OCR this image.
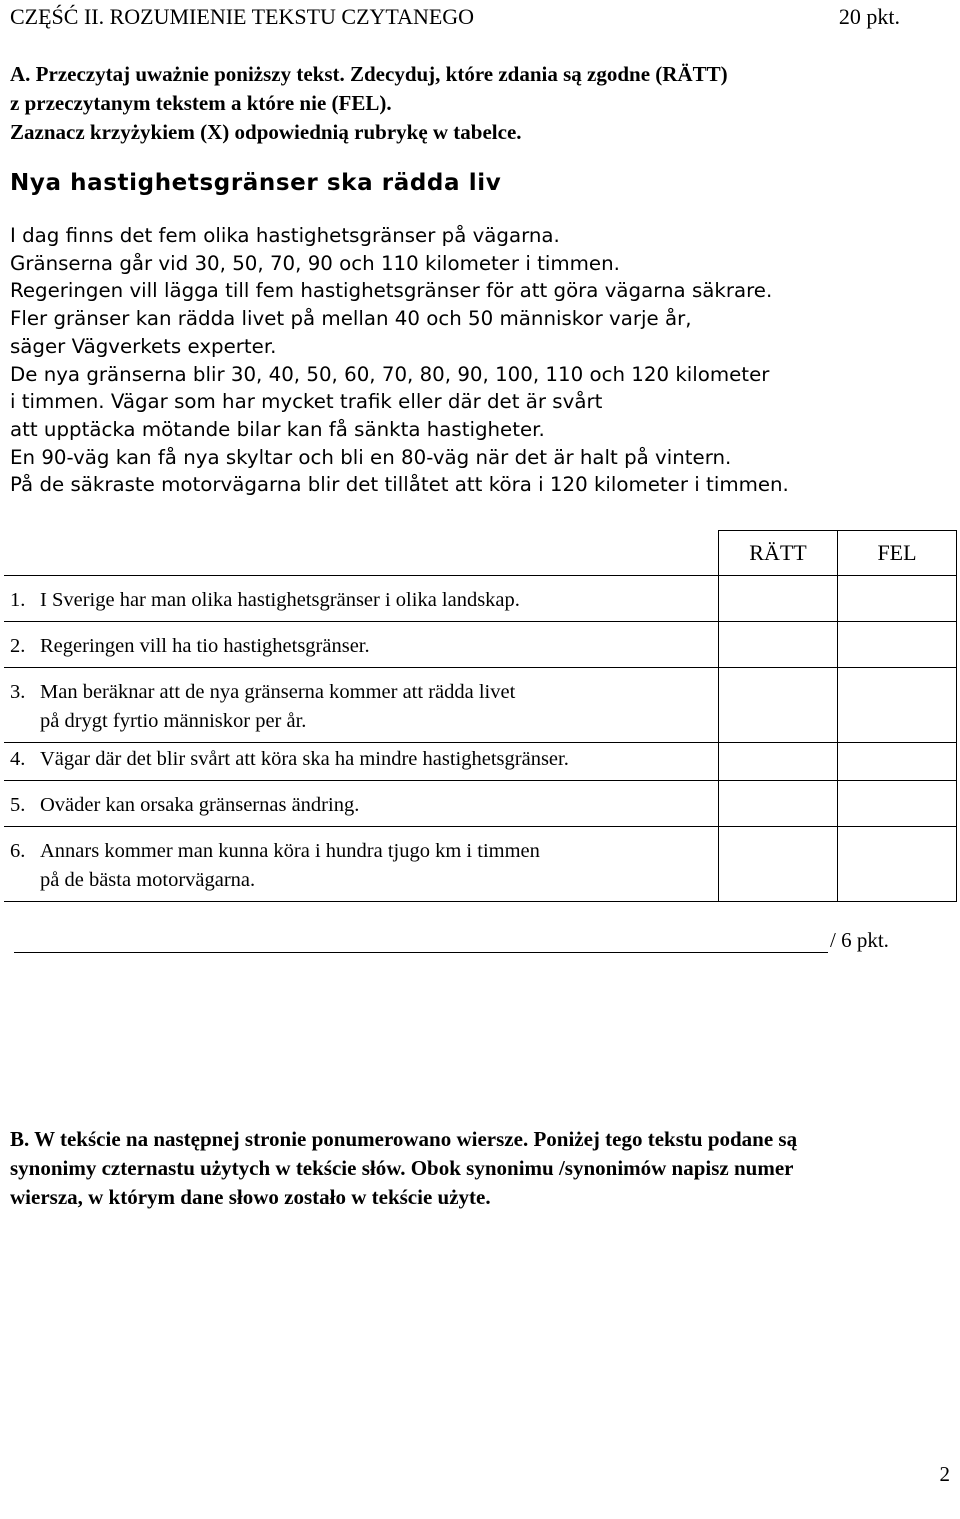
CZĘŚĆ II. ROZUMIENIE TEKSTU CZYTANEGO	20 pkt.
A. Przeczytaj uważnie poniższy tekst. Zdecyduj, które zdania są zgodne (RÄTT)
z przeczytanym tekstem a które nie (FEL).
Zaznacz krzyżykiem (X) odpowiednią rubrykę w tabelce.
Nya hastighetsgränser ska rädda liv
I dag finns det fem olika hastighetsgränser på vägarna.
Gränserna går vid 30, 50, 70, 90 och 110 kilometer i timmen.
Regeringen vill lägga till fem hastighetsgränser för att göra vägarna säkrare.
Fler gränser kan rädda livet på mellan 40 och 50 människor varje år,
säger Vägverkets experter.
De nya gränserna blir 30, 40, 50, 60, 70, 80, 90, 100, 110 och 120 kilometer
i timmen. Vägar som har mycket trafik eller där det är svårt
att upptäcka mötande bilar kan få sänkta hastigheter.
En 90-väg kan få nya skyltar och bli en 80-väg när det är halt på vintern.
På de säkraste motorvägarna blir det tillåtet att köra i 120 kilometer i timmen.
	RÄTT	FEL
1. I Sverige har man olika hastighetsgränser i olika landskap.		
2. Regeringen vill ha tio hastighetsgränser.		
3. Man beräknar att de nya gränserna kommer att rädda livet
på drygt fyrtio människor per år.		

4. Vägar där det blir svårt att köra ska ha mindre hastighetsgränser.		
5. Oväder kan orsaka gränsernas ändring.		
6. Annars kommer man kunna köra i hundra tjugo km i timmen
på de bästa motorvägarna.		

/ 6 pkt.
B. W tekście na następnej stronie ponumerowano wiersze. Poniżej tego tekstu podane są
synonimy czternastu użytych w tekście słów. Obok synonimu /synonimów napisz numer
wiersza, w którym dane słowo zostało w tekście użyte.
2
